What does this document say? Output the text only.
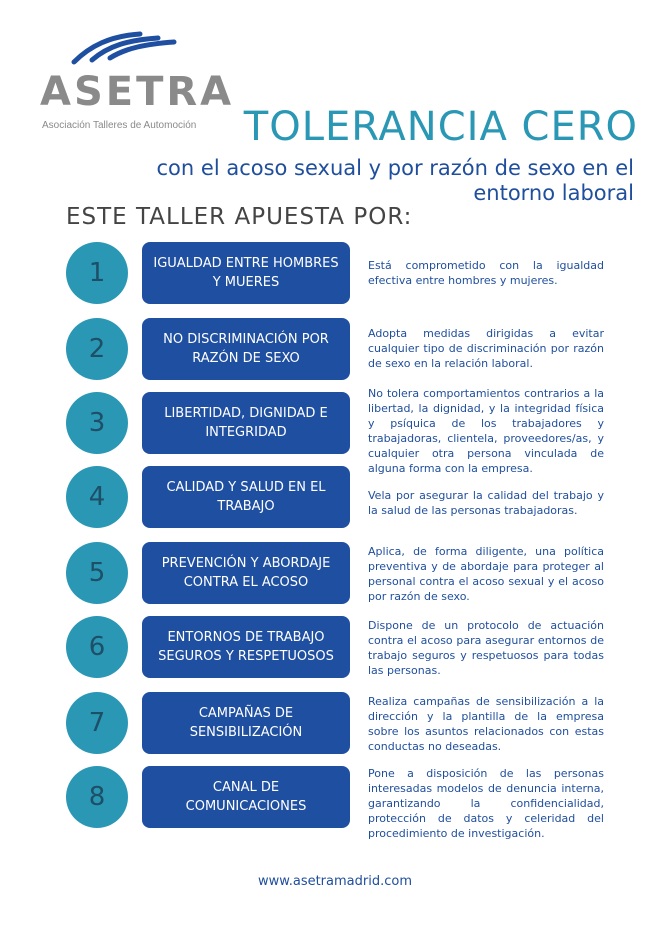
ASETRA
Asociación Talleres de Automoción TOLERANCIA CERO
con el acoso sexual y por razón de sexo en el entorno laboral
ESTE TALLER APUESTA POR:
1	IGUALDAD ENTRE HOMBRES Y MUERES
Está comprometido con la igualdad efectiva entre hombres y mujeres.
2	NO DISCRIMINACIÓN POR RAZÓN DE SEXO
Adopta medidas dirigidas a evitar cualquier tipo de discriminación por razón de sexo en la relación laboral.
3	LIBERTIDAD, DIGNIDAD E INTEGRIDAD
No tolera comportamientos contrarios a la libertad, la dignidad, y la integridad física y psíquica de los trabajadores y trabajadoras, clientela, proveedores/as, y cualquier otra persona vinculada de alguna forma con la empresa.
4	CALIDAD Y SALUD EN EL TRABAJO
Vela por asegurar la calidad del trabajo y la salud de las personas trabajadoras.
5	PREVENCIÓN Y ABORDAJE CONTRA EL ACOSO
Aplica, de forma diligente, una política preventiva y de abordaje para proteger al personal contra el acoso sexual y el acoso por razón de sexo.
6	ENTORNOS DE TRABAJO SEGUROS Y RESPETUOSOS
Dispone de un protocolo de actuación contra el acoso para asegurar entornos de trabajo seguros y respetuosos para todas las personas.
7	CAMPAÑAS DE SENSIBILIZACIÓN
Realiza campañas de sensibilización a la dirección y la plantilla de la empresa sobre los asuntos relacionados con estas conductas no deseadas.
8	CANAL DE COMUNICACIONES
Pone a disposición de las personas interesadas modelos de denuncia interna, garantizando la confidencialidad, protección de datos y celeridad del procedimiento de investigación.
www.asetramadrid.com
